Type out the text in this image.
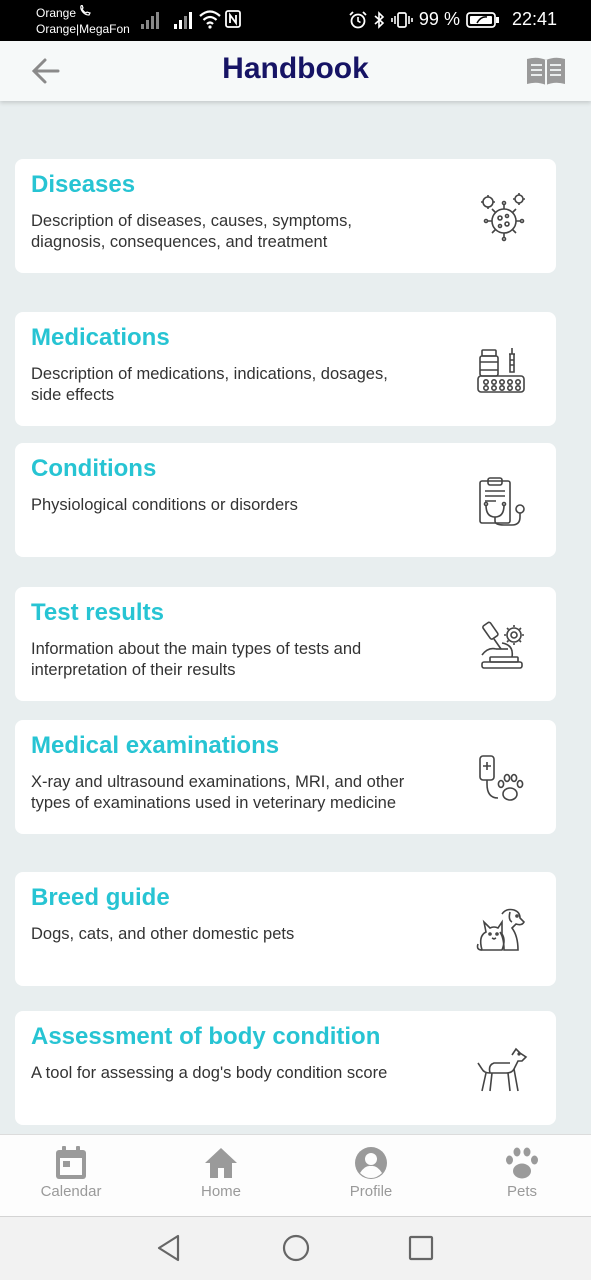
Orange
Orange|MegaFon	99 %	22:41
Handbook
Diseases
Description of diseases, causes, symptoms, diagnosis, consequences, and treatment
Medications
Description of medications, indications, dosages, side effects
Conditions
Physiological conditions or disorders
Test results
Information about the main types of tests and interpretation of their results
Medical examinations
X-ray and ultrasound examinations, MRI, and other types of examinations used in veterinary medicine
Breed guide
Dogs, cats, and other domestic pets
Assessment of body condition
A tool for assessing a dog's body condition score
Calendar	Home	Profile	Pets
